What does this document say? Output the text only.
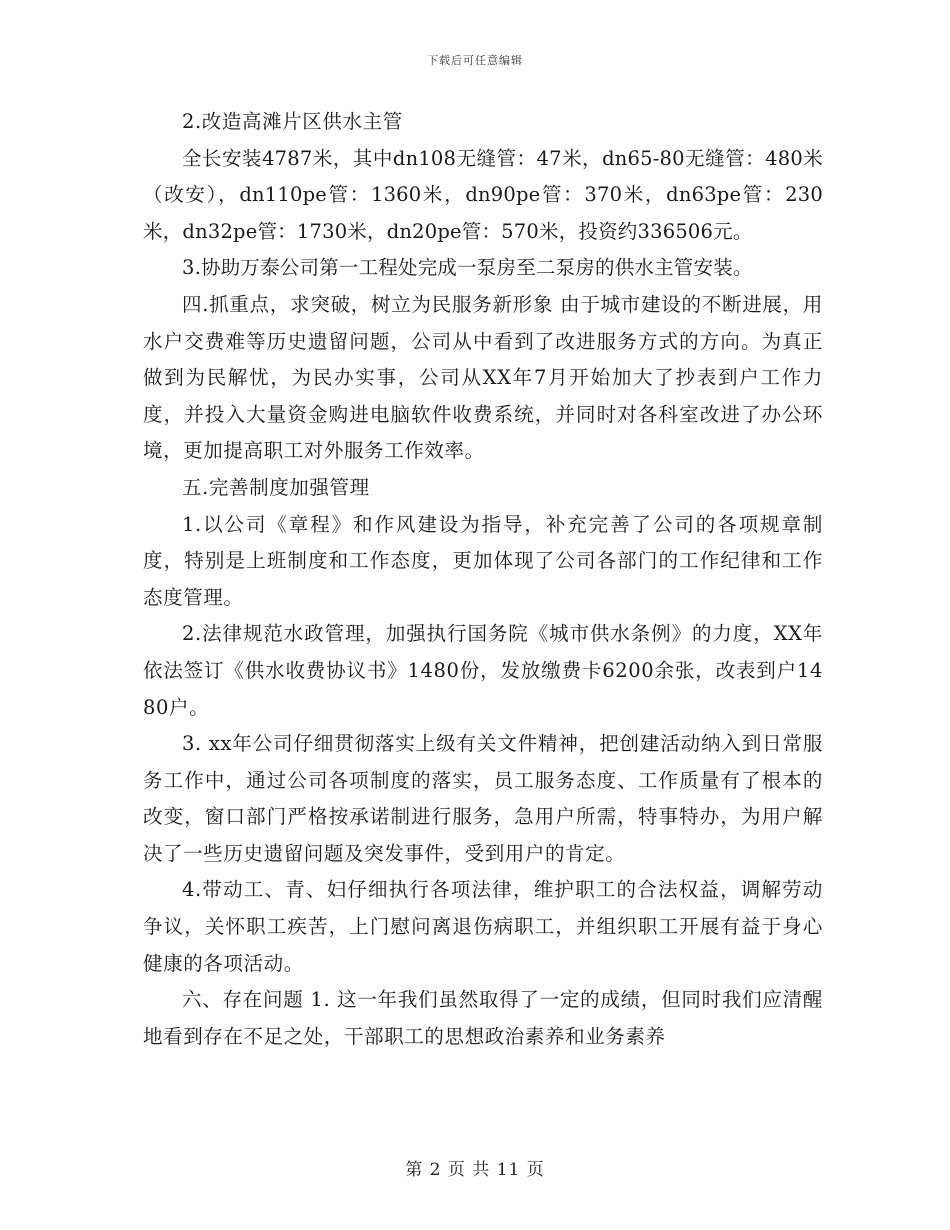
下载后可任意编辑

2.改造高滩片区供水主管

全长安装4787米，其中dn108无缝管：47米，dn65-80无缝管：480米（改安），dn110pe管：1360米，dn90pe管：370米，dn63pe管：230米，dn32pe管：1730米，dn20pe管：570米，投资约336506元。

3.协助万泰公司第一工程处完成一泵房至二泵房的供水主管安装。

四.抓重点，求突破，树立为民服务新形象 由于城市建设的不断进展，用水户交费难等历史遗留问题，公司从中看到了改进服务方式的方向。为真正做到为民解忧，为民办实事，公司从XX年7月开始加大了抄表到户工作力度，并投入大量资金购进电脑软件收费系统，并同时对各科室改进了办公环境，更加提高职工对外服务工作效率。

五.完善制度加强管理

1.以公司《章程》和作风建设为指导，补充完善了公司的各项规章制度，特别是上班制度和工作态度，更加体现了公司各部门的工作纪律和工作态度管理。

2.法律规范水政管理，加强执行国务院《城市供水条例》的力度，XX年依法签订《供水收费协议书》1480份，发放缴费卡6200余张，改表到户1480户。

3. xx年公司仔细贯彻落实上级有关文件精神，把创建活动纳入到日常服务工作中，通过公司各项制度的落实，员工服务态度、工作质量有了根本的改变，窗口部门严格按承诺制进行服务，急用户所需，特事特办，为用户解决了一些历史遗留问题及突发事件，受到用户的肯定。

4.带动工、青、妇仔细执行各项法律，维护职工的合法权益，调解劳动争议，关怀职工疾苦，上门慰问离退伤病职工，并组织职工开展有益于身心健康的各项活动。

六、存在问题 1. 这一年我们虽然取得了一定的成绩，但同时我们应清醒地看到存在不足之处，干部职工的思想政治素养和业务素养

第 2 页 共 11 页
